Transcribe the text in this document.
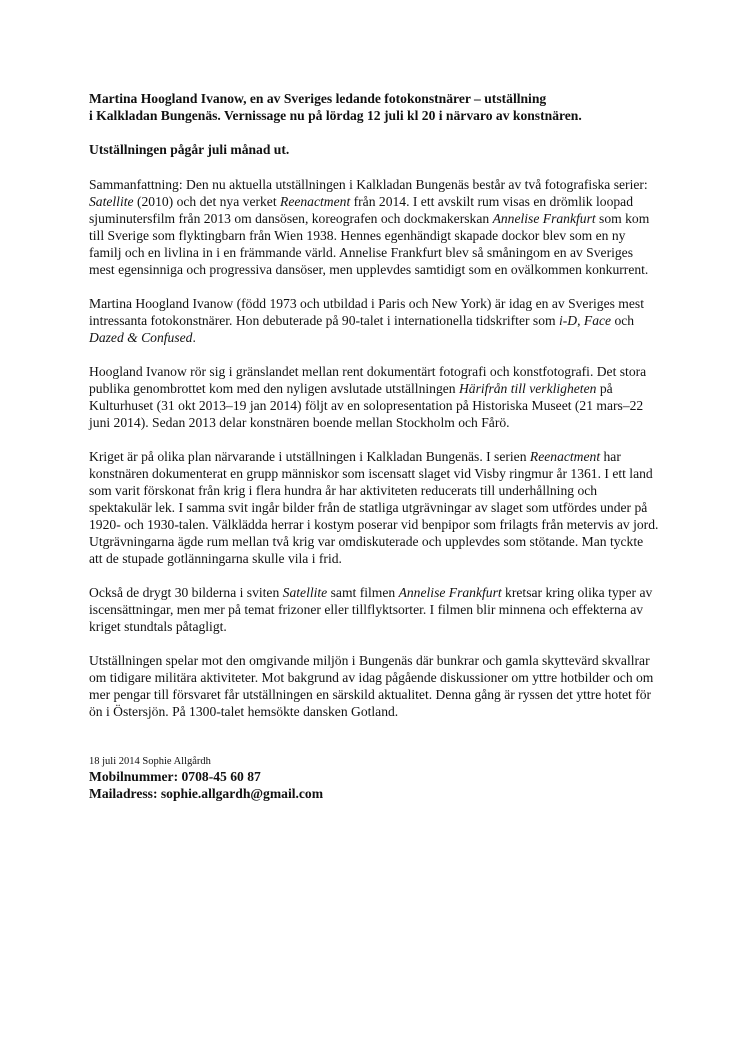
Martina Hoogland Ivanow, en av Sveriges ledande fotokonstnärer – utställning
i Kalkladan Bungenäs. Vernissage nu på lördag 12 juli kl 20 i närvaro av konstnären.
Utställningen pågår juli månad ut.

Sammanfattning: Den nu aktuella utställningen i Kalkladan Bungenäs består av två fotografiska serier: Satellite (2010) och det nya verket Reenactment från 2014. I ett avskilt rum visas en drömlik loopad sjuminutersfilm från 2013 om dansösen, koreografen och dockmakerskan Annelise Frankfurt som kom till Sverige som flyktingbarn från Wien 1938. Hennes egenhändigt skapade dockor blev som en ny familj och en livlina in i en främmande värld. Annelise Frankfurt blev så småningom en av Sveriges mest egensinniga och progressiva dansöser, men upplevdes samtidigt som en ovälkommen konkurrent.

Martina Hoogland Ivanow (född 1973 och utbildad i Paris och New York) är idag en av Sveriges mest intressanta fotokonstnärer. Hon debuterade på 90-talet i internationella tidskrifter som i-D, Face och Dazed & Confused.

Hoogland Ivanow rör sig i gränslandet mellan rent dokumentärt fotografi och konstfotografi. Det stora publika genombrottet kom med den nyligen avslutade utställningen Härifrån till verkligheten på Kulturhuset (31 okt 2013–19 jan 2014) följt av en solopresentation på Historiska Museet (21 mars–22 juni 2014). Sedan 2013 delar konstnären boende mellan Stockholm och Fårö.

Kriget är på olika plan närvarande i utställningen i Kalkladan Bungenäs. I serien Reenactment har konstnären dokumenterat en grupp människor som iscensatt slaget vid Visby ringmur år 1361. I ett land som varit förskonat från krig i flera hundra år har aktiviteten reducerats till underhållning och spektakulär lek. I samma svit ingår bilder från de statliga utgrävningar av slaget som utfördes under på 1920- och 1930-talen. Välklädda herrar i kostym poserar vid benpipor som frilagts från metervis av jord. Utgrävningarna ägde rum mellan två krig var omdiskuterade och upplevdes som stötande. Man tyckte att de stupade gotlänningarna skulle vila i frid.

Också de drygt 30 bilderna i sviten Satellite samt filmen Annelise Frankfurt kretsar kring olika typer av iscensättningar, men mer på temat frizoner eller tillflyktsorter. I filmen blir minnena och effekterna av kriget stundtals påtagligt.

Utställningen spelar mot den omgivande miljön i Bungenäs där bunkrar och gamla skyttevärd skvallrar om tidigare militära aktiviteter. Mot bakgrund av idag pågående diskussioner om yttre hotbilder och om mer pengar till försvaret får utställningen en särskild aktualitet. Denna gång är ryssen det yttre hotet för ön i Östersjön. På 1300-talet hemsökte dansken Gotland.

18 juli 2014 Sophie Allgårdh
Mobilnummer: 0708-45 60 87
Mailadress: sophie.allgardh@gmail.com
